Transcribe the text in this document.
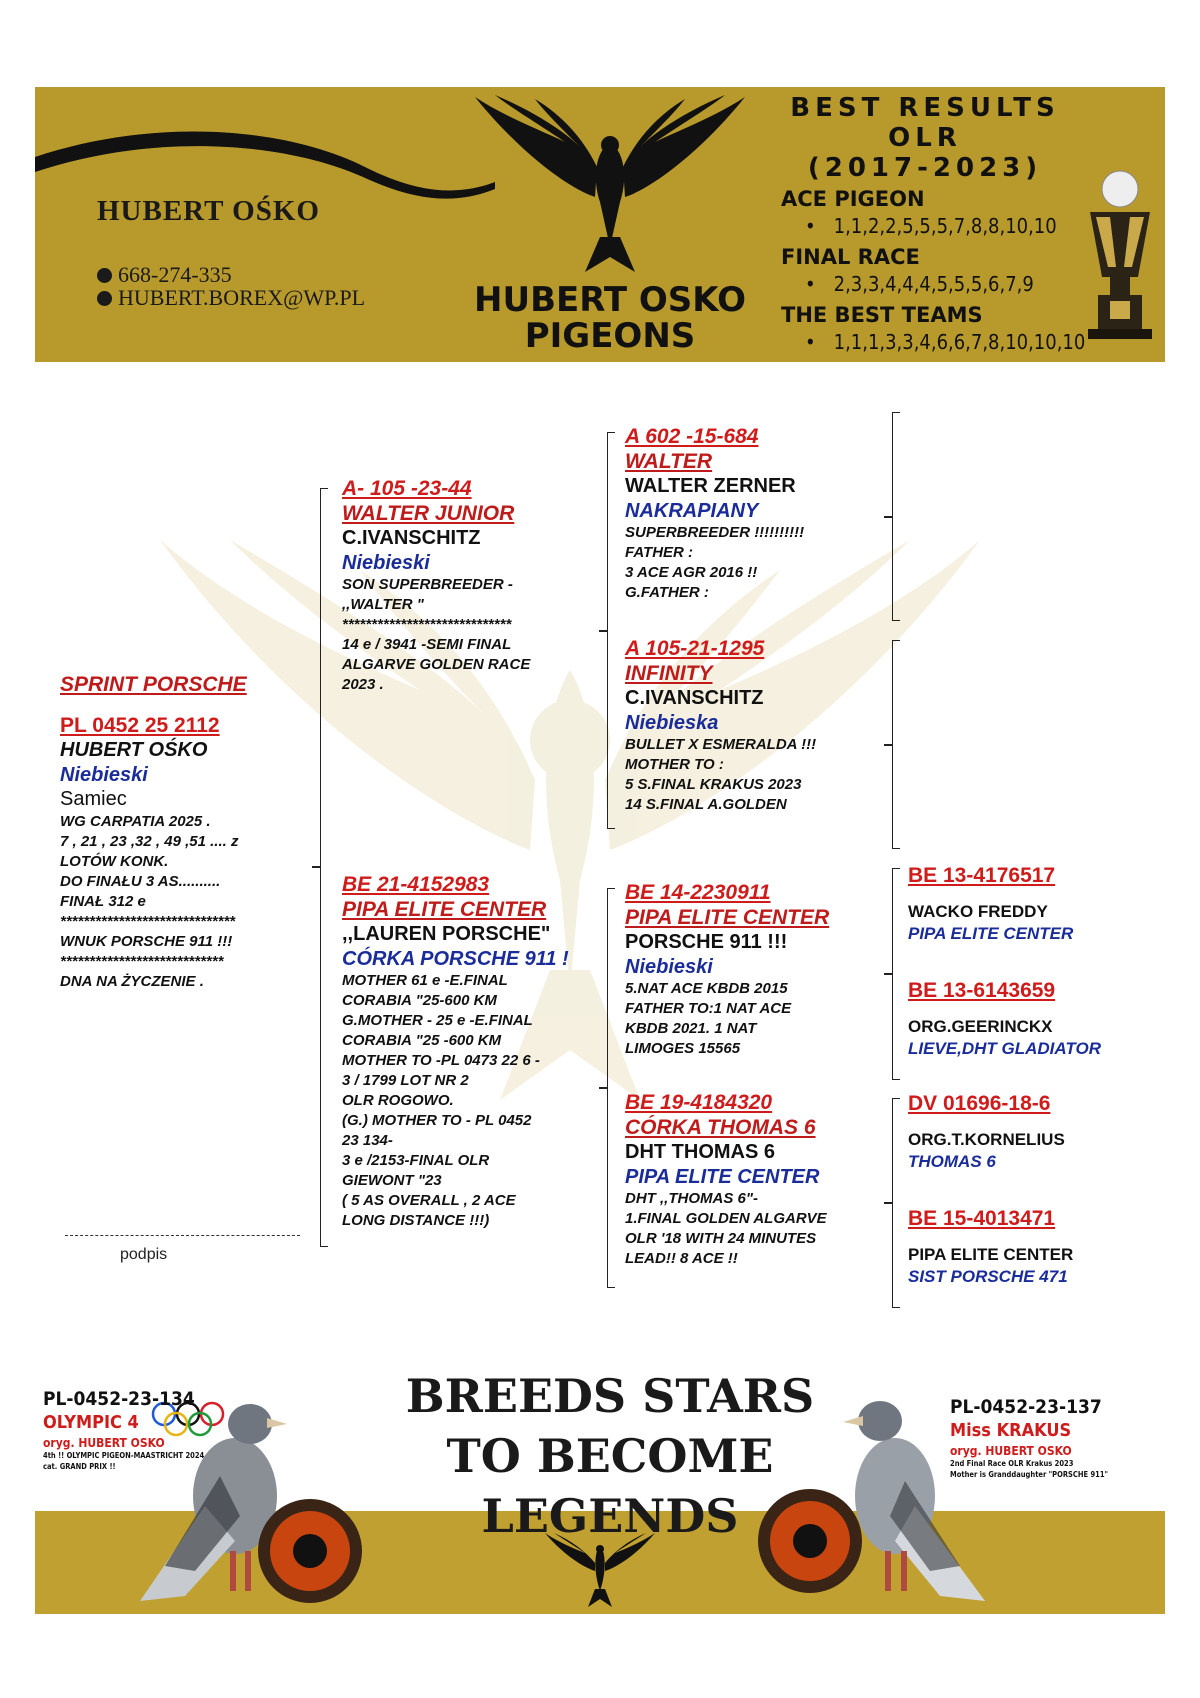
HUBERT OSKO
PIGEONS
HUBERT OŚKO
668-274-335
HUBERT.BOREX@WP.PL
BEST RESULTS OLR
(2017-2023)
ACE PIGEON
• 1,1,2,2,5,5,5,7,8,8,10,10
FINAL RACE
• 2,3,3,4,4,4,5,5,5,6,7,9
THE BEST TEAMS
• 1,1,1,3,3,4,6,6,7,8,10,10,10
SPRINT PORSCHE
PL 0452 25 2112
HUBERT OŚKO
Niebieski
Samiec
WG CARPATIA 2025 .
7 , 21 , 23 ,32 , 49 ,51 .... z
LOTÓW KONK.
DO FINAŁU 3 AS..........
FINAŁ 312 e
******************************
WNUK PORSCHE 911 !!!
****************************
DNA NA ŻYCZENIE .
podpis
A- 105 -23-44
WALTER JUNIOR
C.IVANSCHITZ
Niebieski
SON SUPERBREEDER -
,,WALTER "
*****************************
14 e / 3941 -SEMI FINAL
ALGARVE GOLDEN RACE
2023 .
BE 21-4152983
PIPA ELITE CENTER
,,LAUREN PORSCHE"
CÓRKA PORSCHE 911 !
MOTHER 61 e -E.FINAL
CORABIA "25-600 KM
G.MOTHER - 25 e -E.FINAL
CORABIA "25 -600 KM
MOTHER TO -PL 0473 22 6 -
3 / 1799 LOT NR 2
OLR ROGOWO.
(G.) MOTHER TO - PL 0452
23 134-
3 e /2153-FINAL OLR
GIEWONT "23
( 5 AS OVERALL , 2 ACE
LONG DISTANCE !!!)
A 602 -15-684
WALTER
WALTER ZERNER
NAKRAPIANY
SUPERBREEDER !!!!!!!!!!
FATHER :
3 ACE AGR 2016 !!
G.FATHER :
A 105-21-1295
INFINITY
C.IVANSCHITZ
Niebieska
BULLET X ESMERALDA !!!
MOTHER TO :
5 S.FINAL KRAKUS 2023
14 S.FINAL A.GOLDEN
BE 14-2230911
PIPA ELITE CENTER
PORSCHE 911 !!!
Niebieski
5.NAT ACE KBDB 2015
FATHER TO:1 NAT ACE
KBDB 2021. 1 NAT
LIMOGES 15565
BE 19-4184320
CÓRKA THOMAS 6
DHT THOMAS 6
PIPA ELITE CENTER
DHT ,,THOMAS 6"-
1.FINAL GOLDEN ALGARVE
OLR '18 WITH 24 MINUTES
LEAD!! 8 ACE !!
BE 13-4176517
WACKO FREDDY
PIPA ELITE CENTER
BE 13-6143659
ORG.GEERINCKX
LIEVE,DHT GLADIATOR
DV 01696-18-6
ORG.T.KORNELIUS
THOMAS 6
BE 15-4013471
PIPA ELITE CENTER
SIST PORSCHE 471
PL-0452-23-134
OLYMPIC 4
oryg. HUBERT OSKO
4th !! OLYMPIC PIGEON-MAASTRICHT 2024
cat. GRAND PRIX !!
BREEDS STARS
TO BECOME
LEGENDS
PL-0452-23-137
Miss KRAKUS
oryg. HUBERT OSKO
2nd Final Race OLR Krakus 2023
Mother is Granddaughter "PORSCHE 911"
